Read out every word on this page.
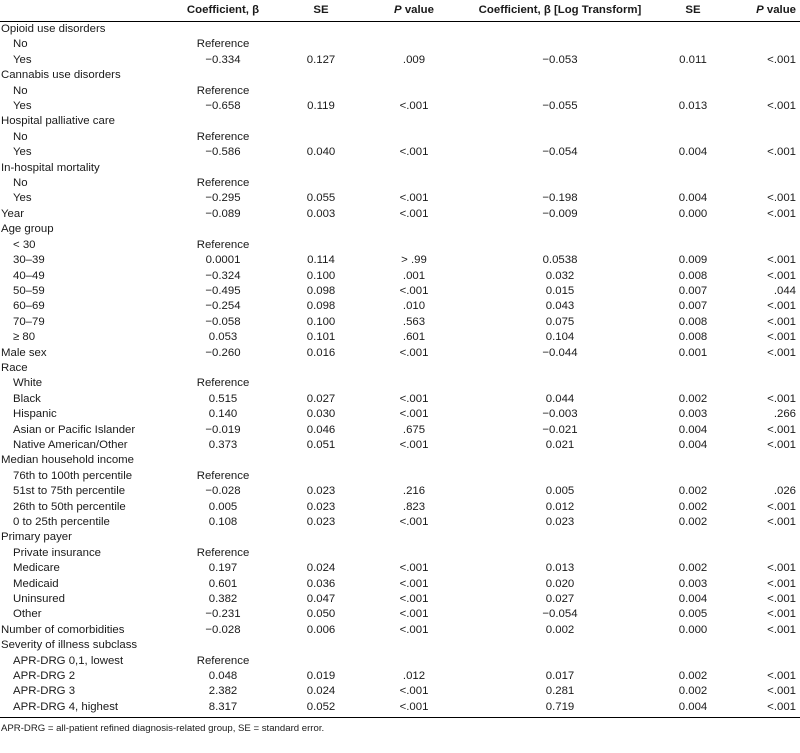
	Coefficient, β	SE	P value	Coefficient, β [Log Transform]	SE	P value
Opioid use disorders						
No	Reference					
Yes	−0.334	0.127	.009	−0.053	0.011	<.001
Cannabis use disorders						
No	Reference					
Yes	−0.658	0.119	<.001	−0.055	0.013	<.001
Hospital palliative care						
No	Reference					
Yes	−0.586	0.040	<.001	−0.054	0.004	<.001
In-hospital mortality						
No	Reference					
Yes	−0.295	0.055	<.001	−0.198	0.004	<.001
Year	−0.089	0.003	<.001	−0.009	0.000	<.001
Age group						
< 30	Reference					
30–39	0.0001	0.114	> .99	0.0538	0.009	<.001
40–49	−0.324	0.100	.001	0.032	0.008	<.001
50–59	−0.495	0.098	<.001	0.015	0.007	.044
60–69	−0.254	0.098	.010	0.043	0.007	<.001
70–79	−0.058	0.100	.563	0.075	0.008	<.001
≥ 80	0.053	0.101	.601	0.104	0.008	<.001
Male sex	−0.260	0.016	<.001	−0.044	0.001	<.001
Race						
White	Reference					
Black	0.515	0.027	<.001	0.044	0.002	<.001
Hispanic	0.140	0.030	<.001	−0.003	0.003	.266
Asian or Pacific Islander	−0.019	0.046	.675	−0.021	0.004	<.001
Native American/Other	0.373	0.051	<.001	0.021	0.004	<.001
Median household income						
76th to 100th percentile	Reference					
51st to 75th percentile	−0.028	0.023	.216	0.005	0.002	.026
26th to 50th percentile	0.005	0.023	.823	0.012	0.002	<.001
0 to 25th percentile	0.108	0.023	<.001	0.023	0.002	<.001
Primary payer						
Private insurance	Reference					
Medicare	0.197	0.024	<.001	0.013	0.002	<.001
Medicaid	0.601	0.036	<.001	0.020	0.003	<.001
Uninsured	0.382	0.047	<.001	0.027	0.004	<.001
Other	−0.231	0.050	<.001	−0.054	0.005	<.001
Number of comorbidities	−0.028	0.006	<.001	0.002	0.000	<.001
Severity of illness subclass						
APR-DRG 0,1, lowest	Reference					
APR-DRG 2	0.048	0.019	.012	0.017	0.002	<.001
APR-DRG 3	2.382	0.024	<.001	0.281	0.002	<.001
APR-DRG 4, highest	8.317	0.052	<.001	0.719	0.004	<.001
APR-DRG = all-patient refined diagnosis-related group, SE = standard error.
